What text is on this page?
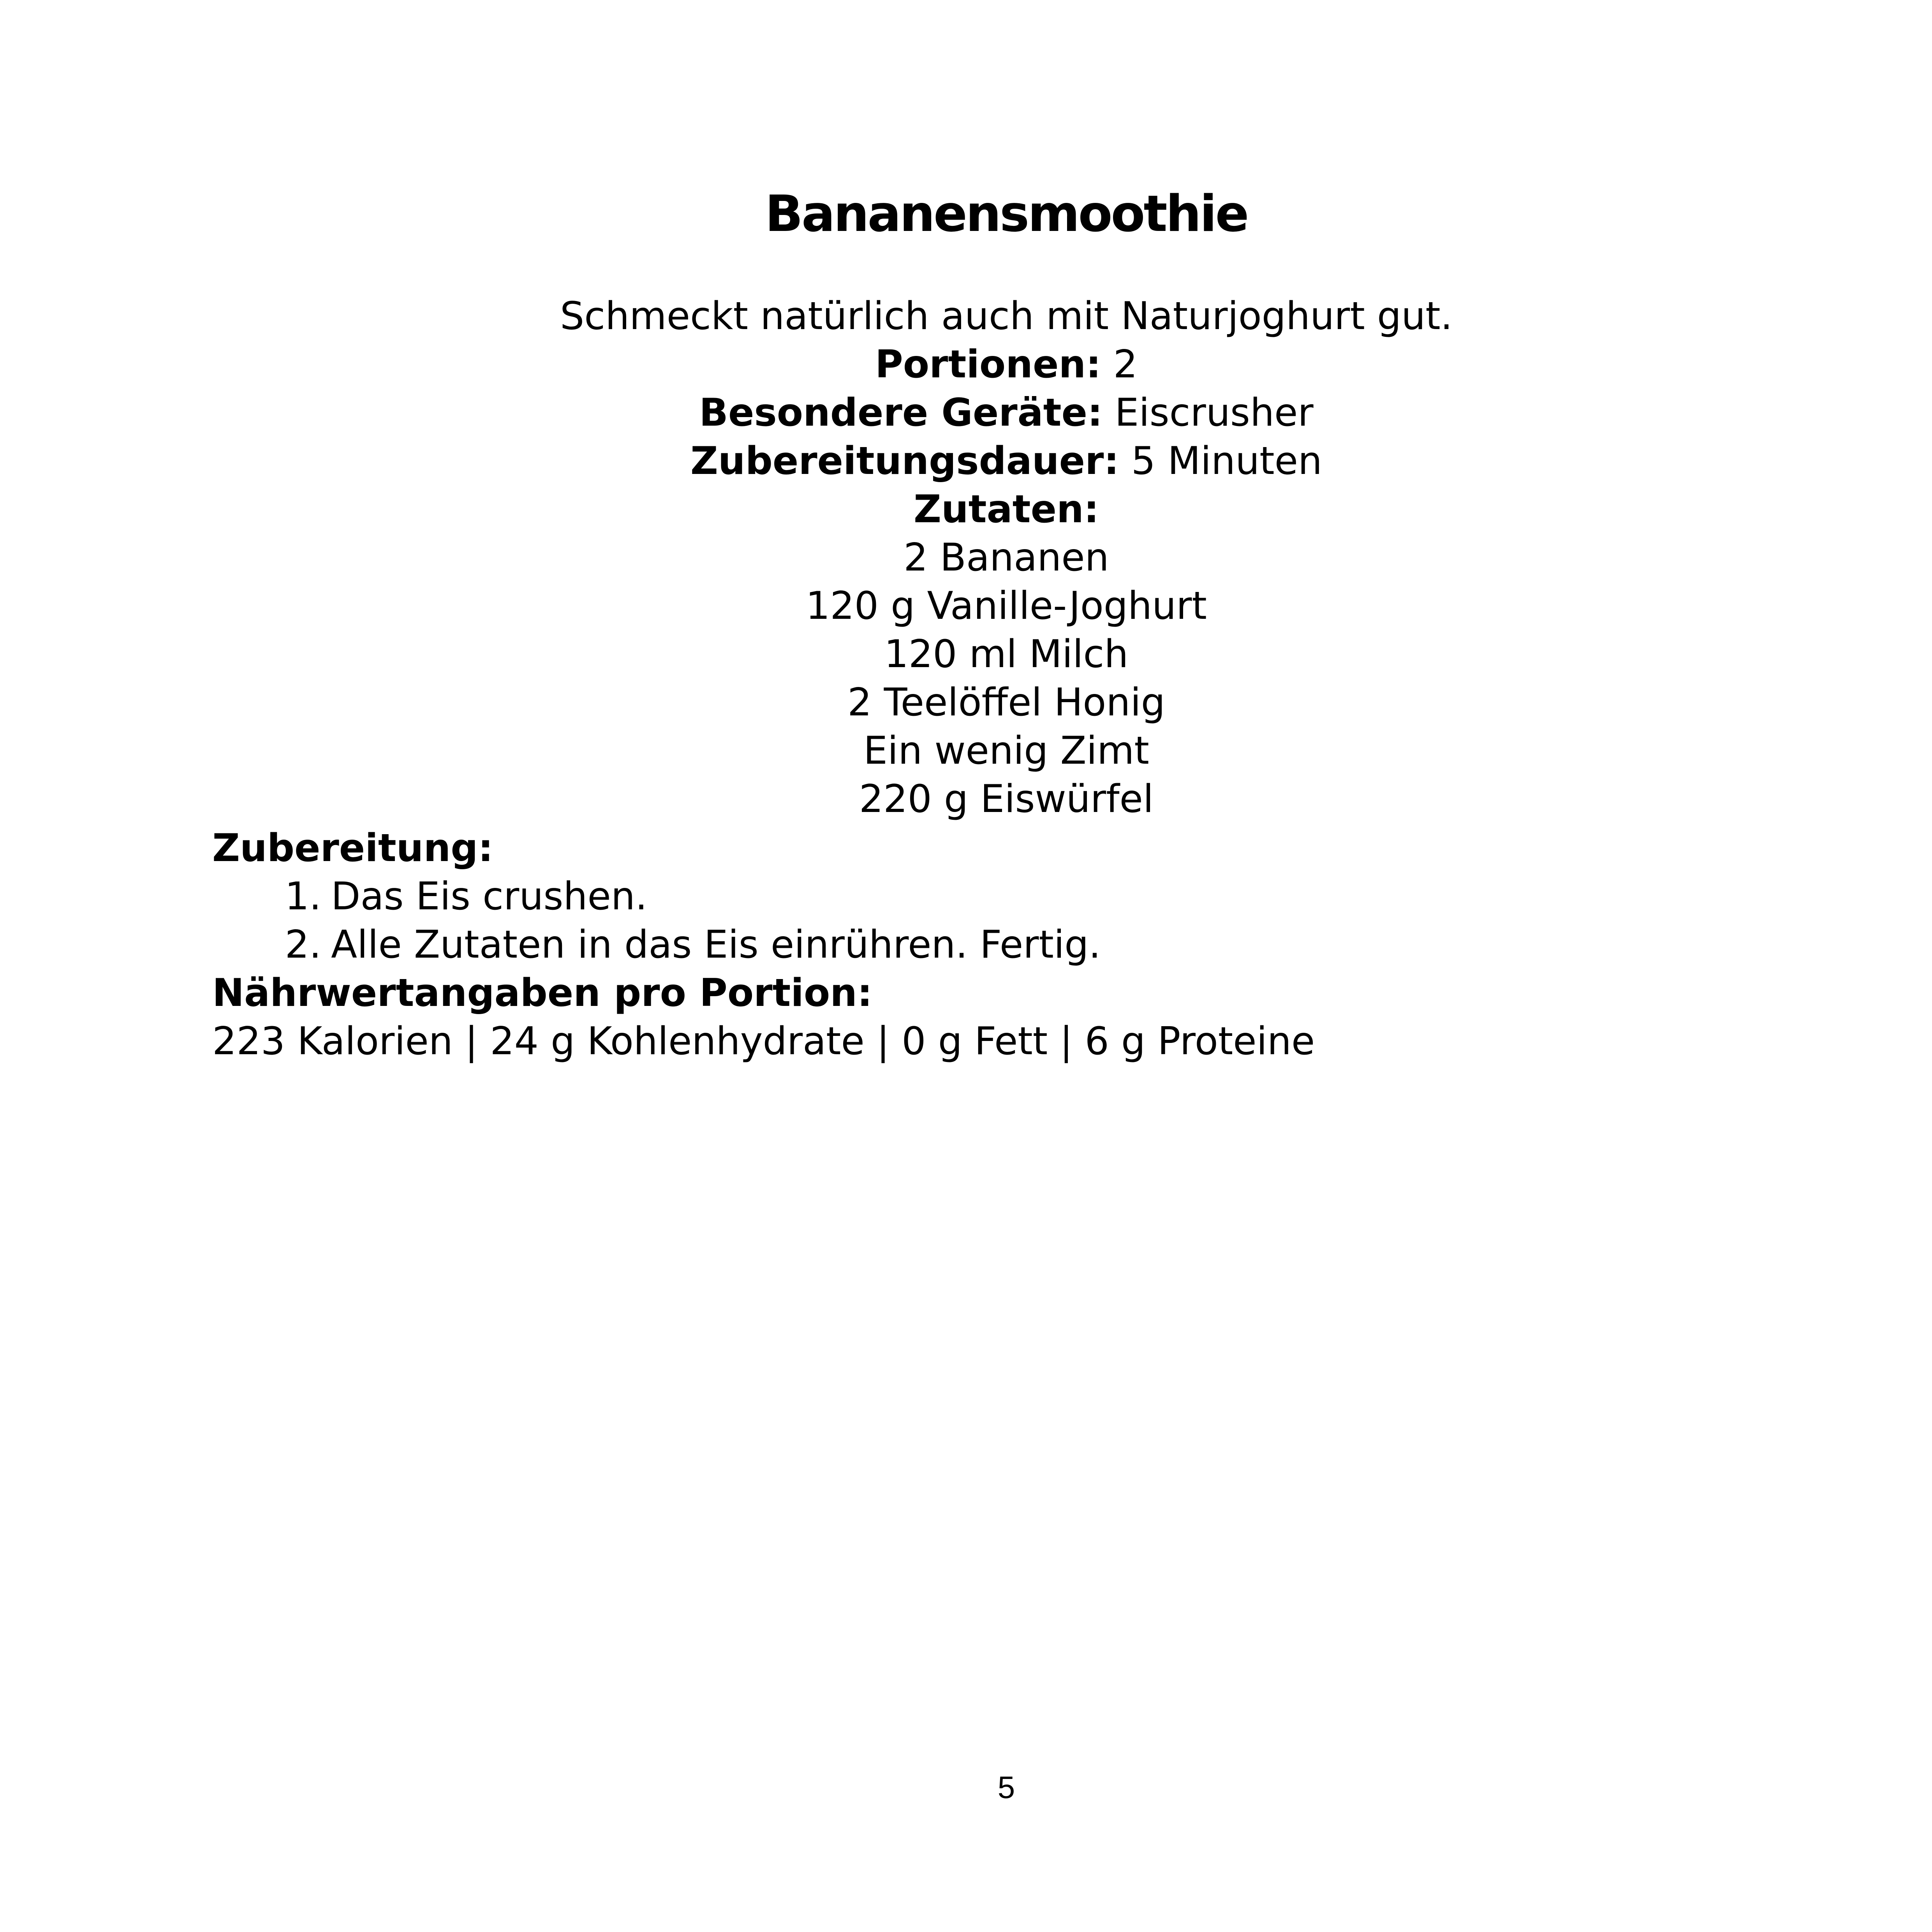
Bananensmoothie
Schmeckt natürlich auch mit Naturjoghurt gut.
Portionen: 2
Besondere Geräte: Eiscrusher
Zubereitungsdauer: 5 Minuten
Zutaten:
2 Bananen
120 g Vanille-Joghurt
120 ml Milch
2 Teelöffel Honig
Ein wenig Zimt
220 g Eiswürfel
Zubereitung:
1. Das Eis crushen.
2. Alle Zutaten in das Eis einrühren. Fertig.
Nährwertangaben pro Portion:
223 Kalorien | 24 g Kohlenhydrate | 0 g Fett | 6 g Proteine
5
